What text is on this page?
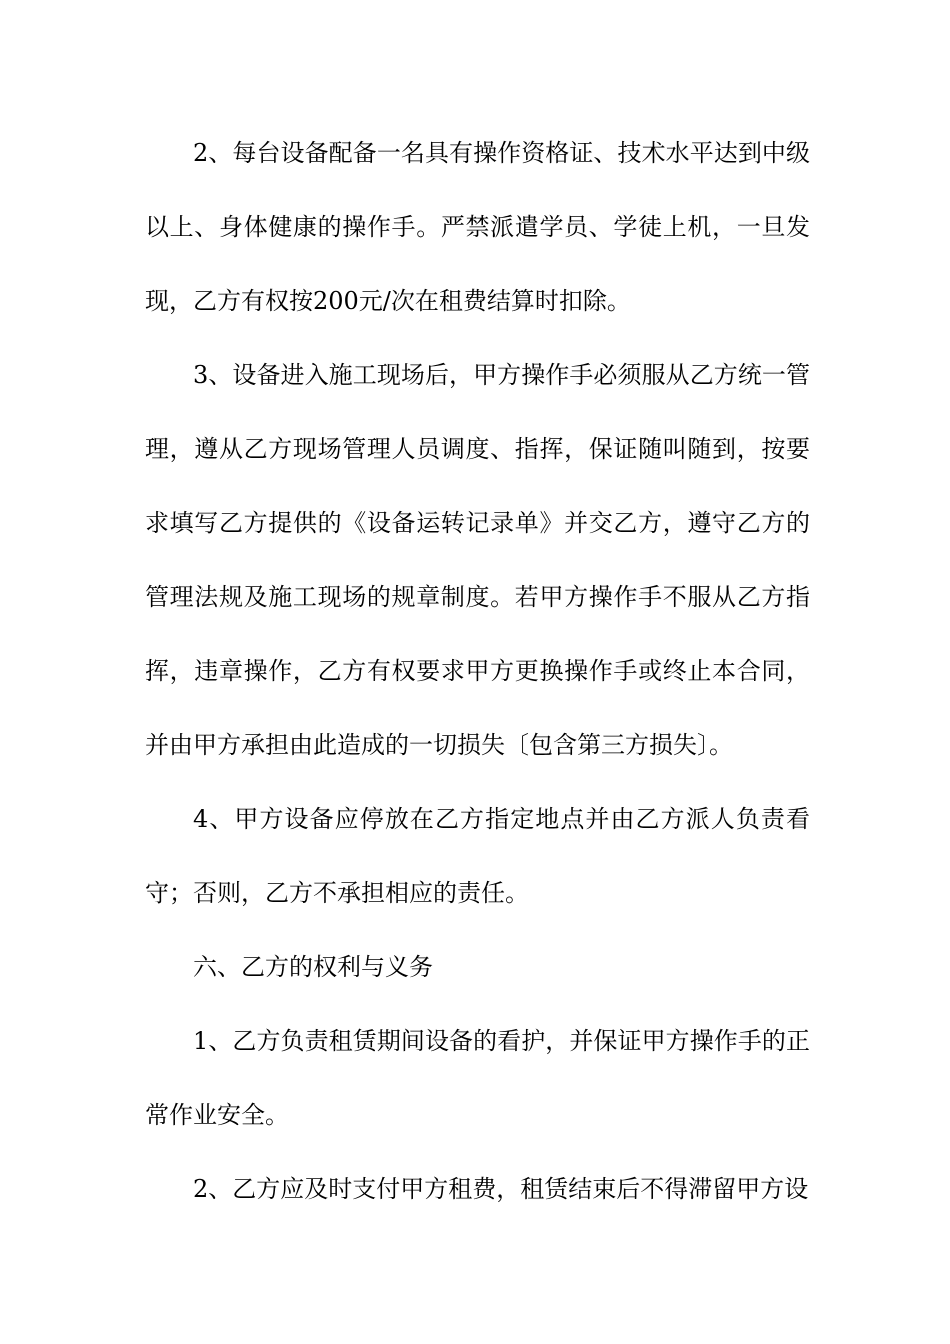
2、每台设备配备一名具有操作资格证、技术水平达到中级以上、身体健康的操作手。严禁派遣学员、学徒上机，一旦发现，乙方有权按200元/次在租费结算时扣除。

3、设备进入施工现场后，甲方操作手必须服从乙方统一管理，遵从乙方现场管理人员调度、指挥，保证随叫随到，按要求填写乙方提供的《设备运转记录单》并交乙方，遵守乙方的管理法规及施工现场的规章制度。若甲方操作手不服从乙方指挥，违章操作，乙方有权要求甲方更换操作手或终止本合同，并由甲方承担由此造成的一切损失〔包含第三方损失〕。

4、甲方设备应停放在乙方指定地点并由乙方派人负责看守；否则，乙方不承担相应的责任。

六、乙方的权利与义务

1、乙方负责租赁期间设备的看护，并保证甲方操作手的正常作业安全。

2、乙方应及时支付甲方租费，租赁结束后不得滞留甲方设
